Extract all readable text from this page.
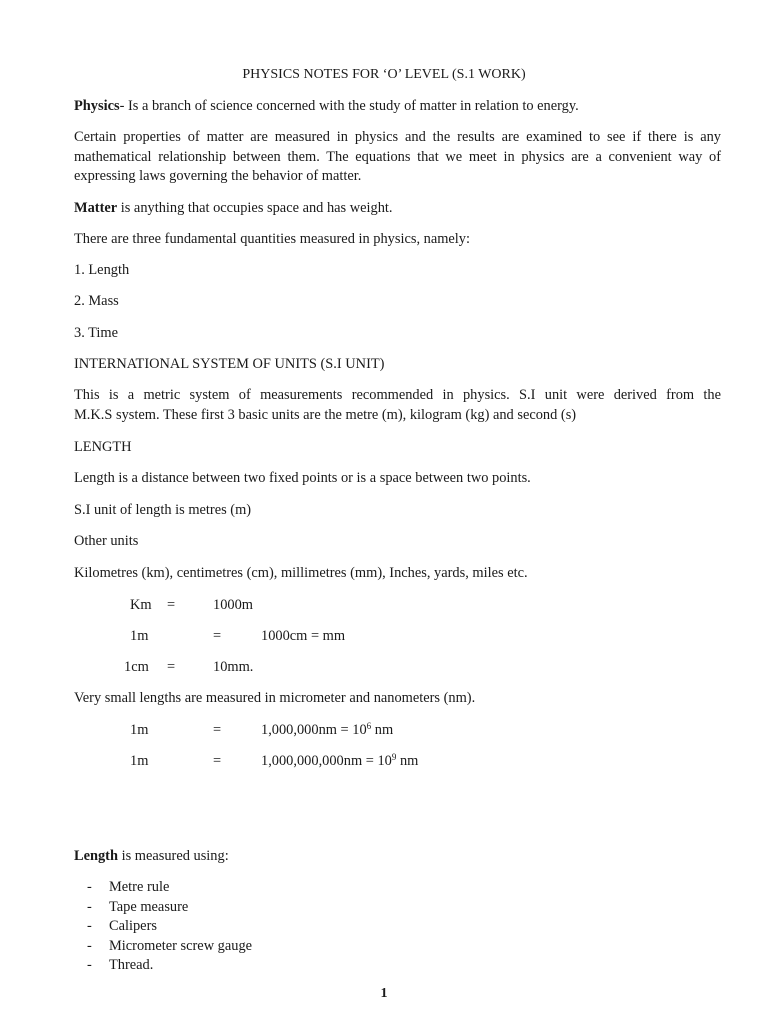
PHYSICS NOTES FOR ‘O’ LEVEL (S.1 WORK)
Physics- Is a branch of science concerned with the study of matter in relation to energy.
Certain properties of matter are measured in physics and the results are examined to see if there is any
mathematical relationship between them. The equations that we meet in physics are a convenient way of
expressing laws governing the behavior of matter.
Matter is anything that occupies space and has weight.
There are three fundamental quantities measured in physics, namely:
1. Length
2. Mass
3. Time
INTERNATIONAL SYSTEM OF UNITS (S.I UNIT)
This is a metric system of measurements recommended in physics. S.I unit were derived from the
M.K.S system. These first 3 basic units are the metre (m), kilogram (kg) and second (s)
LENGTH
Length is a distance between two fixed points or is a space between two points.
S.I unit of length is metres (m)
Other units
Kilometres (km), centimetres (cm), millimetres (mm), Inches, yards, miles etc.
Km =	1000m
1m	=	1000cm = mm
1cm =	10mm.
Very small lengths are measured in micrometer and nanometers (nm).
1m	=	$1,000,000nm = 10^6$ nm
1m	=	$1,000,000,000nm = 10^9$ nm
Length is measured using:
- Metre rule
- Tape measure
- Calipers
- Micrometer screw gauge
- Thread.
1
